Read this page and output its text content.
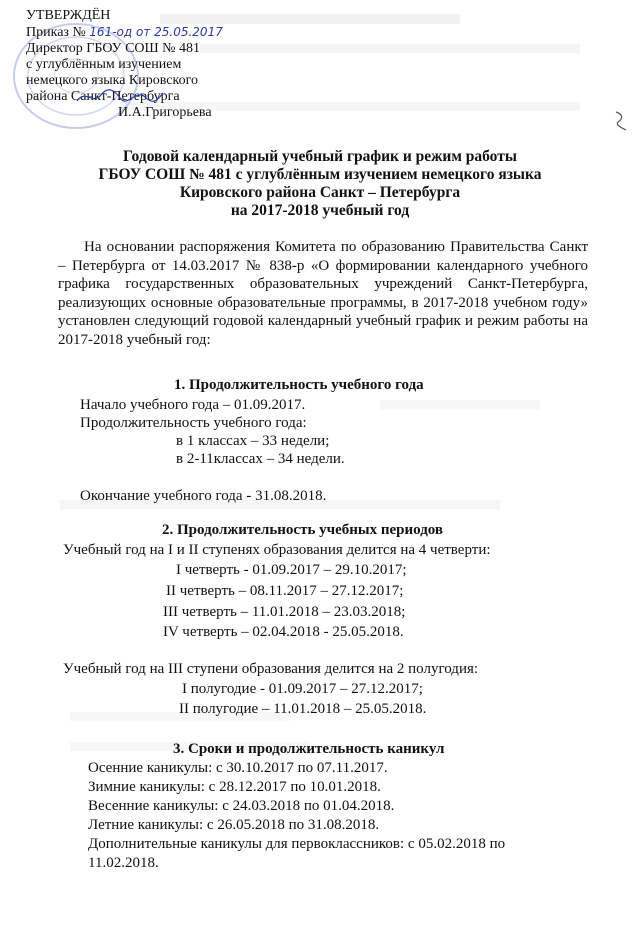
УТВЕРЖДЁН
Приказ № 161-од от 25.05.2017
Директор ГБОУ СОШ № 481
с углублённым изучением
немецкого языка Кировского
района Санкт-Петербурга
И.А.Григорьева
Годовой календарный учебный график и режим работы
ГБОУ СОШ № 481 с углублённым изучением немецкого языка
Кировского района Санкт – Петербурга
на 2017-2018 учебный год
На основании распоряжения Комитета по образованию Правительства Санкт – Петербурга от 14.03.2017 № 838-р «О формировании календарного учебного графика государственных образовательных учреждений Санкт-Петербурга, реализующих основные образовательные программы, в 2017-2018 учебном году» установлен следующий годовой календарный учебный график и режим работы на 2017-2018 учебный год:
1. Продолжительность учебного года
Начало учебного года – 01.09.2017.
Продолжительность учебного года:
в 1 классах – 33 недели;
в 2-11классах – 34 недели.
Окончание учебного года - 31.08.2018.
2. Продолжительность учебных периодов
Учебный год на I и II ступенях образования делится на 4 четверти:
I четверть - 01.09.2017 – 29.10.2017;
II четверть – 08.11.2017 – 27.12.2017;
III четверть – 11.01.2018 – 23.03.2018;
IV четверть – 02.04.2018 - 25.05.2018.
Учебный год на III ступени образования делится на 2 полугодия:
I полугодие - 01.09.2017 – 27.12.2017;
II полугодие – 11.01.2018 – 25.05.2018.
3. Сроки и продолжительность каникул
Осенние каникулы: с 30.10.2017 по 07.11.2017.
Зимние каникулы: с 28.12.2017 по 10.01.2018.
Весенние каникулы: с 24.03.2018 по 01.04.2018.
Летние каникулы: с 26.05.2018 по 31.08.2018.
Дополнительные каникулы для первоклассников: с 05.02.2018 по
11.02.2018.
